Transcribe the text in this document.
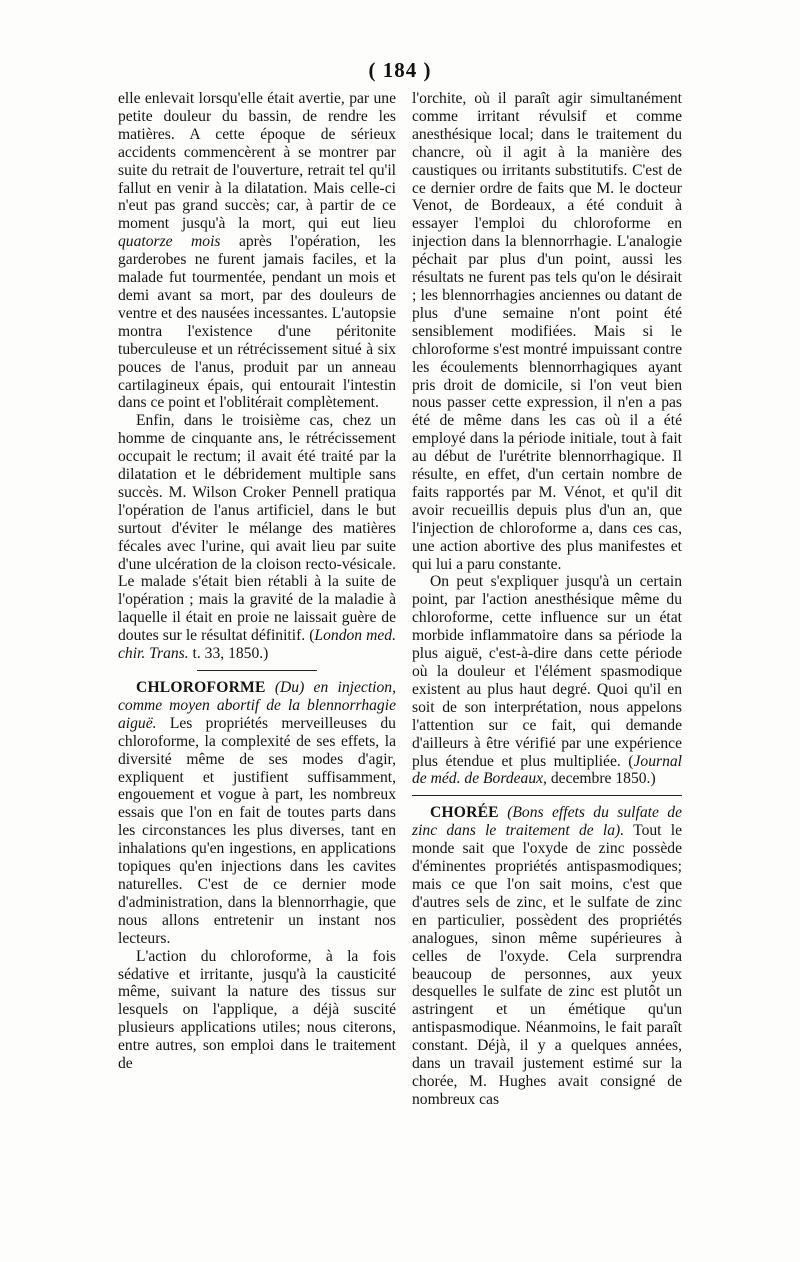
( 184 )

elle enlevait lorsqu'elle était avertie, par une petite douleur du bassin, de rendre les matières. A cette époque de sérieux accidents commencèrent à se montrer par suite du retrait de l'ouverture, retrait tel qu'il fallut en venir à la dilatation. Mais celle-ci n'eut pas grand succès; car, à partir de ce moment jusqu'à la mort, qui eut lieu quatorze mois après l'opération, les garderobes ne furent jamais faciles, et la malade fut tourmentée, pendant un mois et demi avant sa mort, par des douleurs de ventre et des nausées incessantes. L'autopsie montra l'existence d'une péritonite tuberculeuse et un rétrécissement situé à six pouces de l'anus, produit par un anneau cartilagineux épais, qui entourait l'intestin dans ce point et l'oblitérait complètement.

Enfin, dans le troisième cas, chez un homme de cinquante ans, le rétrécissement occupait le rectum; il avait été traité par la dilatation et le débridement multiple sans succès. M. Wilson Croker Pennell pratiqua l'opération de l'anus artificiel, dans le but surtout d'éviter le mélange des matières fécales avec l'urine, qui avait lieu par suite d'une ulcération de la cloison recto-vésicale. Le malade s'était bien rétabli à la suite de l'opération ; mais la gravité de la maladie à laquelle il était en proie ne laissait guère de doutes sur le résultat définitif. (London med. chir. Trans. t. 33, 1850.)

CHLOROFORME (Du) en injection, comme moyen abortif de la blennorrhagie aiguë. Les propriétés merveilleuses du chloroforme, la complexité de ses effets, la diversité même de ses modes d'agir, expliquent et justifient suffisamment, engouement et vogue à part, les nombreux essais que l'on en fait de toutes parts dans les circonstances les plus diverses, tant en inhalations qu'en ingestions, en applications topiques qu'en injections dans les cavites naturelles. C'est de ce dernier mode d'administration, dans la blennorrhagie, que nous allons entretenir un instant nos lecteurs.

L'action du chloroforme, à la fois sédative et irritante, jusqu'à la causticité même, suivant la nature des tissus sur lesquels on l'applique, a déjà suscité plusieurs applications utiles; nous citerons, entre autres, son emploi dans le traitement de

l'orchite, où il paraît agir simultanément comme irritant révulsif et comme anesthésique local; dans le traitement du chancre, où il agit à la manière des caustiques ou irritants substitutifs. C'est de ce dernier ordre de faits que M. le docteur Venot, de Bordeaux, a été conduit à essayer l'emploi du chloroforme en injection dans la blennorrhagie. L'analogie péchait par plus d'un point, aussi les résultats ne furent pas tels qu'on le désirait ; les blennorrhagies anciennes ou datant de plus d'une semaine n'ont point été sensiblement modifiées. Mais si le chloroforme s'est montré impuissant contre les écoulements blennorrhagiques ayant pris droit de domicile, si l'on veut bien nous passer cette expression, il n'en a pas été de même dans les cas où il a été employé dans la période initiale, tout à fait au début de l'urétrite blennorrhagique. Il résulte, en effet, d'un certain nombre de faits rapportés par M. Vénot, et qu'il dit avoir recueillis depuis plus d'un an, que l'injection de chloroforme a, dans ces cas, une action abortive des plus manifestes et qui lui a paru constante.

On peut s'expliquer jusqu'à un certain point, par l'action anesthésique même du chloroforme, cette influence sur un état morbide inflammatoire dans sa période la plus aiguë, c'est-à-dire dans cette période où la douleur et l'élément spasmodique existent au plus haut degré. Quoi qu'il en soit de son interprétation, nous appelons l'attention sur ce fait, qui demande d'ailleurs à être vérifié par une expérience plus étendue et plus multipliée. (Journal de méd. de Bordeaux, decembre 1850.)

CHORÉE (Bons effets du sulfate de zinc dans le traitement de la). Tout le monde sait que l'oxyde de zinc possède d'éminentes propriétés antispasmodiques; mais ce que l'on sait moins, c'est que d'autres sels de zinc, et le sulfate de zinc en particulier, possèdent des propriétés analogues, sinon même supérieures à celles de l'oxyde. Cela surprendra beaucoup de personnes, aux yeux desquelles le sulfate de zinc est plutôt un astringent et un émétique qu'un antispasmodique. Néanmoins, le fait paraît constant. Déjà, il y a quelques années, dans un travail justement estimé sur la chorée, M. Hughes avait consigné de nombreux cas
